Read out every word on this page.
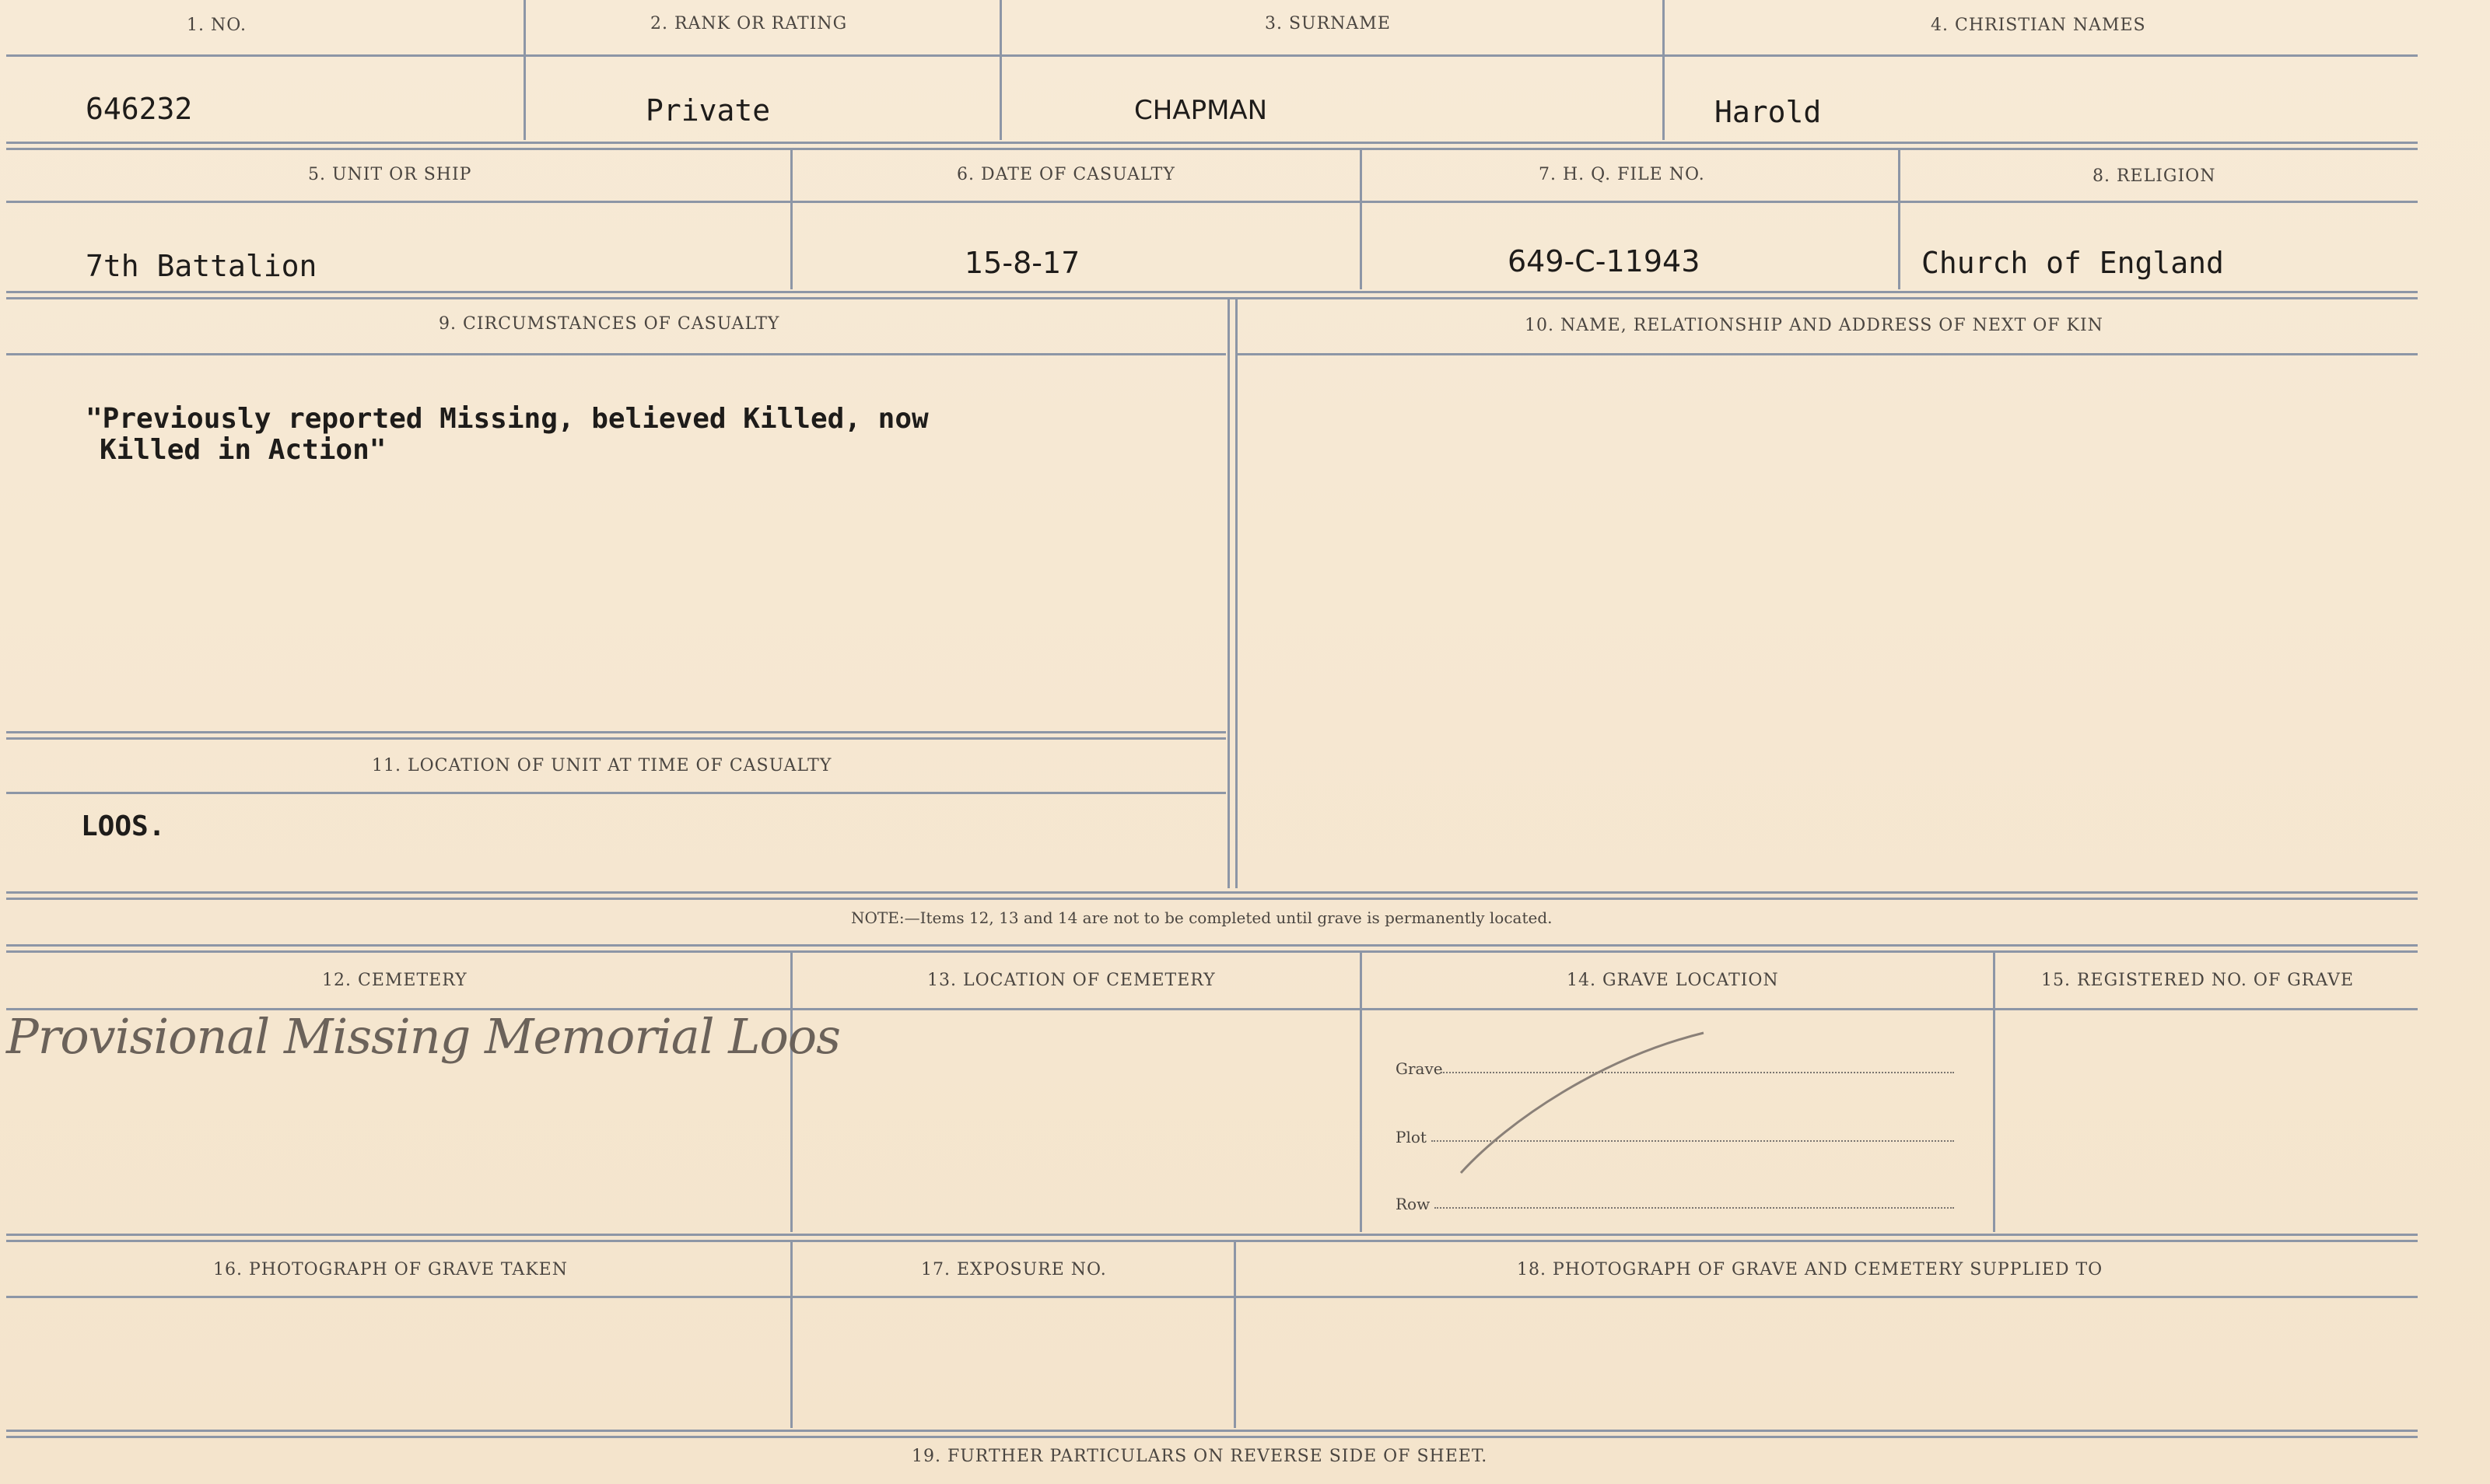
1. NO.	2. RANK OR RATING	3. SURNAME	4. CHRISTIAN NAMES
646232	Private	CHAPMAN	Harold
5. UNIT OR SHIP	6. DATE OF CASUALTY	7. H. Q. FILE NO.	8. RELIGION
7th Battalion	15-8-17	649-C-11943	Church of England
9. CIRCUMSTANCES OF CASUALTY	10. NAME, RELATIONSHIP AND ADDRESS OF NEXT OF KIN
"Previously reported Missing, believed Killed, now
Killed in Action"
11. LOCATION OF UNIT AT TIME OF CASUALTY
LOOS.
NOTE:—Items 12, 13 and 14 are not to be completed until grave is permanently located.
12. CEMETERY	13. LOCATION OF CEMETERY	14. GRAVE LOCATION	15. REGISTERED NO. OF GRAVE
Provisional Missing Memorial Loos
Grave
Plot
Row
16. PHOTOGRAPH OF GRAVE TAKEN	17. EXPOSURE NO.	18. PHOTOGRAPH OF GRAVE AND CEMETERY SUPPLIED TO
19. FURTHER PARTICULARS ON REVERSE SIDE OF SHEET.
